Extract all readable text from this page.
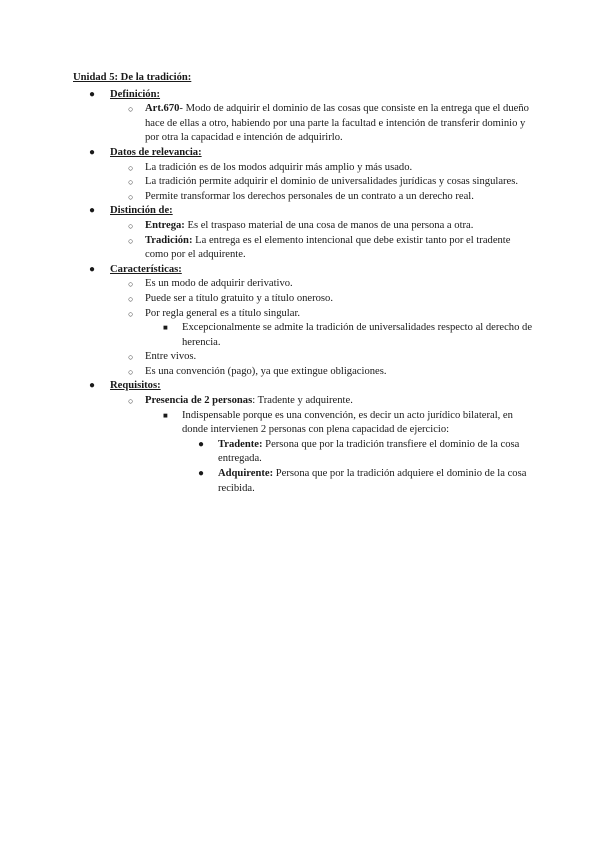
Unidad 5: De la tradición:
● Definición:
○ Art.670- Modo de adquirir el dominio de las cosas que consiste en la entrega que el dueño hace de ellas a otro, habiendo por una parte la facultad e intención de transferir dominio y por otra la capacidad e intención de adquirirlo.
● Datos de relevancia:
○ La tradición es de los modos adquirir más amplio y más usado.
○ La tradición permite adquirir el dominio de universalidades jurídicas y cosas singulares.
○ Permite transformar los derechos personales de un contrato a un derecho real.
● Distinción de:
○ Entrega: Es el traspaso material de una cosa de manos de una persona a otra.
○ Tradición: La entrega es el elemento intencional que debe existir tanto por el tradente como por el adquirente.
● Características:
○ Es un modo de adquirir derivativo.
○ Puede ser a título gratuito y a título oneroso.
○ Por regla general es a título singular.
■ Excepcionalmente se admite la tradición de universalidades respecto al derecho de herencia.
○ Entre vivos.
○ Es una convención (pago), ya que extingue obligaciones.
● Requisitos:
○ Presencia de 2 personas: Tradente y adquirente.
■ Indispensable porque es una convención, es decir un acto jurídico bilateral, en donde intervienen 2 personas con plena capacidad de ejercicio:
● Tradente: Persona que por la tradición transfiere el dominio de la cosa entregada.
● Adquirente: Persona que por la tradición adquiere el dominio de la cosa recibida.
